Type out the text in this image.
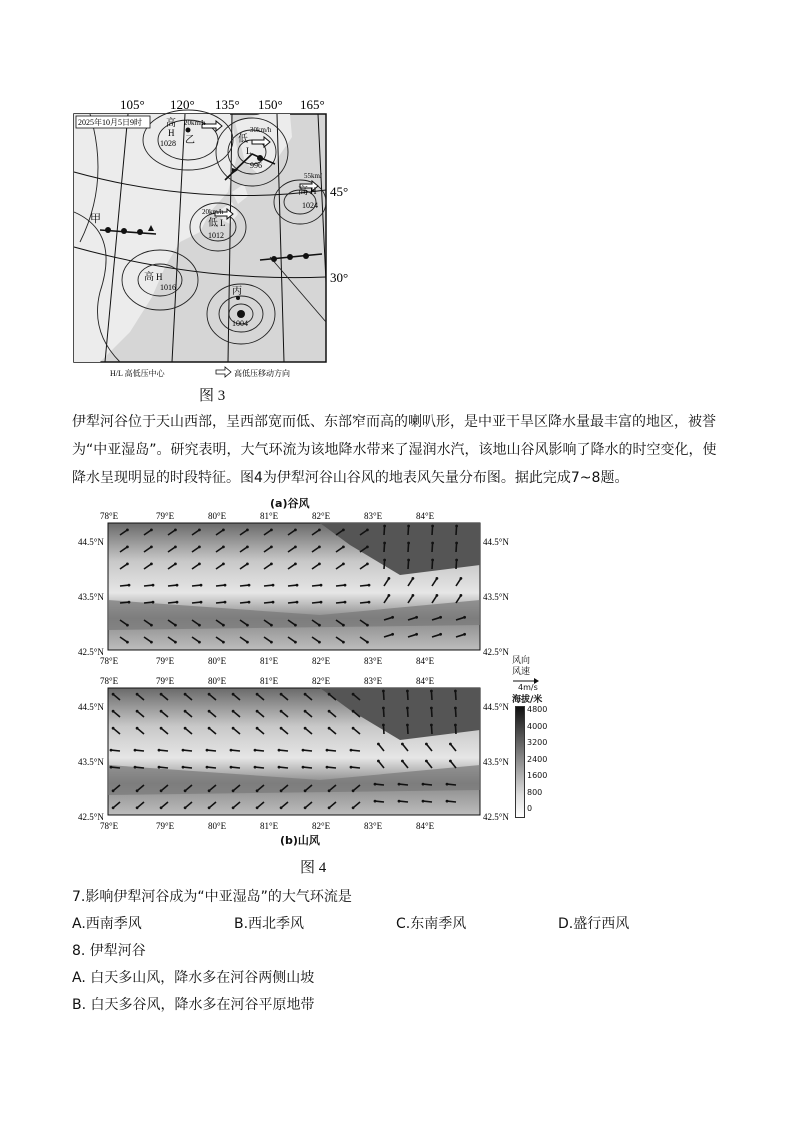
2025年10月5日9时
105° 120° 135° 150° 165°
45°
30°
高
H
1028 乙
20km/h
30km/h
低
L
996
55km/
高 H
1024
甲
20km/h
低 L
1012
高 H
1016	丙
1004
H/L 高低压中心	高低压移动方向
图 3
伊犁河谷位于天山西部，呈西部宽而低、东部窄而高的喇叭形，是中亚干旱区降水量最丰富的地区，被誉为“中亚湿岛”。研究表明，大气环流为该地降水带来了湿润水汽，该地山谷风影响了降水的时空变化，使降水呈现明显的时段特征。图4为伊犁河谷山谷风的地表风矢量分布图。据此完成7~8题。
(a)谷风
44.5°N
43.5°N
42.5°N
44.5°N
43.5°N
42.5°N
78°E	79°E	80°E	81°E	82°E	83°E	84°E
78°E	79°E	80°E	81°E	82°E	83°E	84°E
44.5°N
43.5°N
42.5°N
44.5°N
43.5°N
42.5°N
78°E	79°E	80°E	81°E	82°E	83°E	84°E
78°E	79°E	80°E	81°E	82°E	83°E	84°E
风向
风速
4m/s
海拔/米
4800
4000
3200
2400
1600
800
0
(b)山风
图 4
7.影响伊犁河谷成为“中亚湿岛”的大气环流是
A.西南季风	B.西北季风	C.东南季风	D.盛行西风
8. 伊犁河谷
A. 白天多山风，降水多在河谷两侧山坡
B. 白天多谷风，降水多在河谷平原地带
